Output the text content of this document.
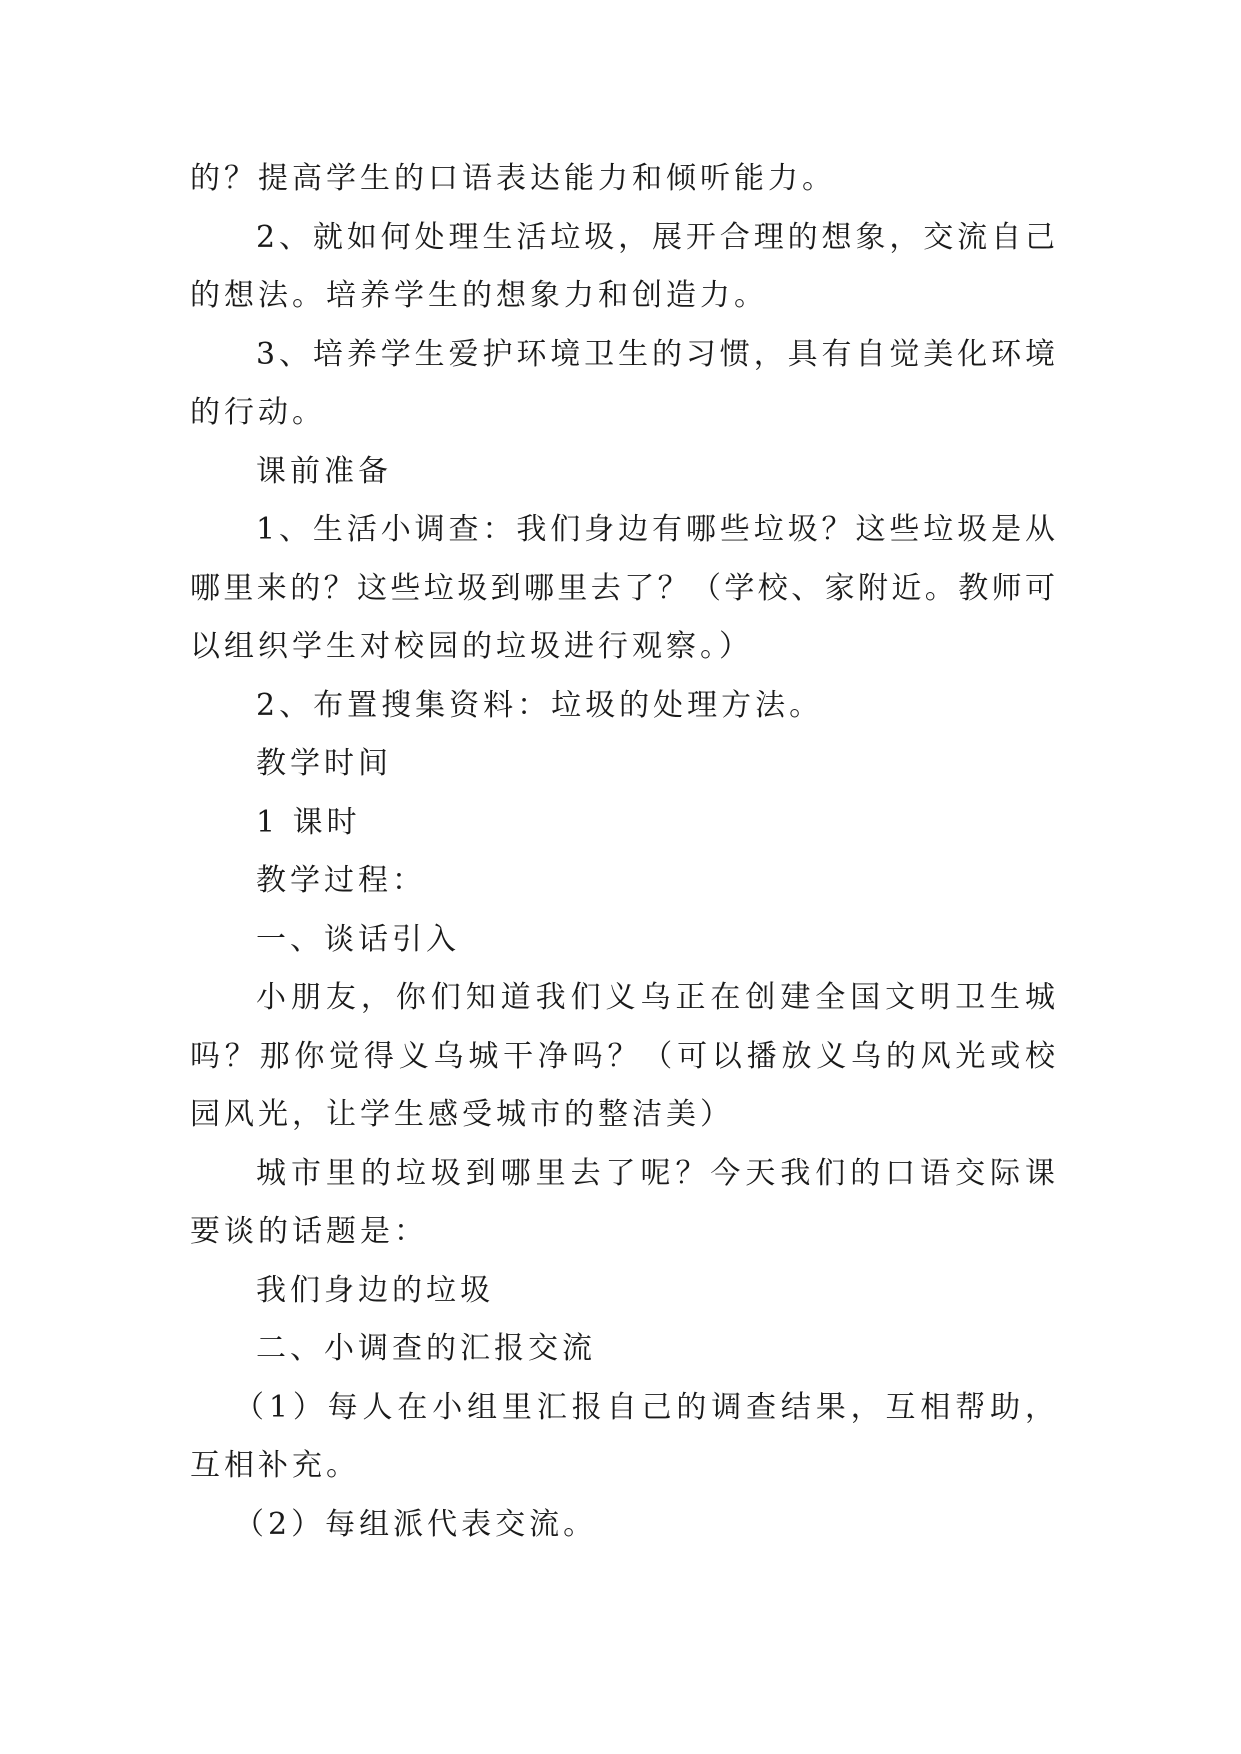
的？提高学生的口语表达能力和倾听能力。
2、就如何处理生活垃圾，展开合理的想象，交流自己
的想法。培养学生的想象力和创造力。
3、培养学生爱护环境卫生的习惯，具有自觉美化环境
的行动。
课前准备
1、生活小调查：我们身边有哪些垃圾？这些垃圾是从
哪里来的？这些垃圾到哪里去了？（学校、家附近。教师可
以组织学生对校园的垃圾进行观察。）
2、布置搜集资料：垃圾的处理方法。
教学时间
1 课时
教学过程：
一、谈话引入
小朋友，你们知道我们义乌正在创建全国文明卫生城
吗？那你觉得义乌城干净吗？（可以播放义乌的风光或校
园风光，让学生感受城市的整洁美）
城市里的垃圾到哪里去了呢？今天我们的口语交际课
要谈的话题是：
我们身边的垃圾
二、小调查的汇报交流
（1）每人在小组里汇报自己的调查结果，互相帮助，
互相补充。
（2）每组派代表交流。
